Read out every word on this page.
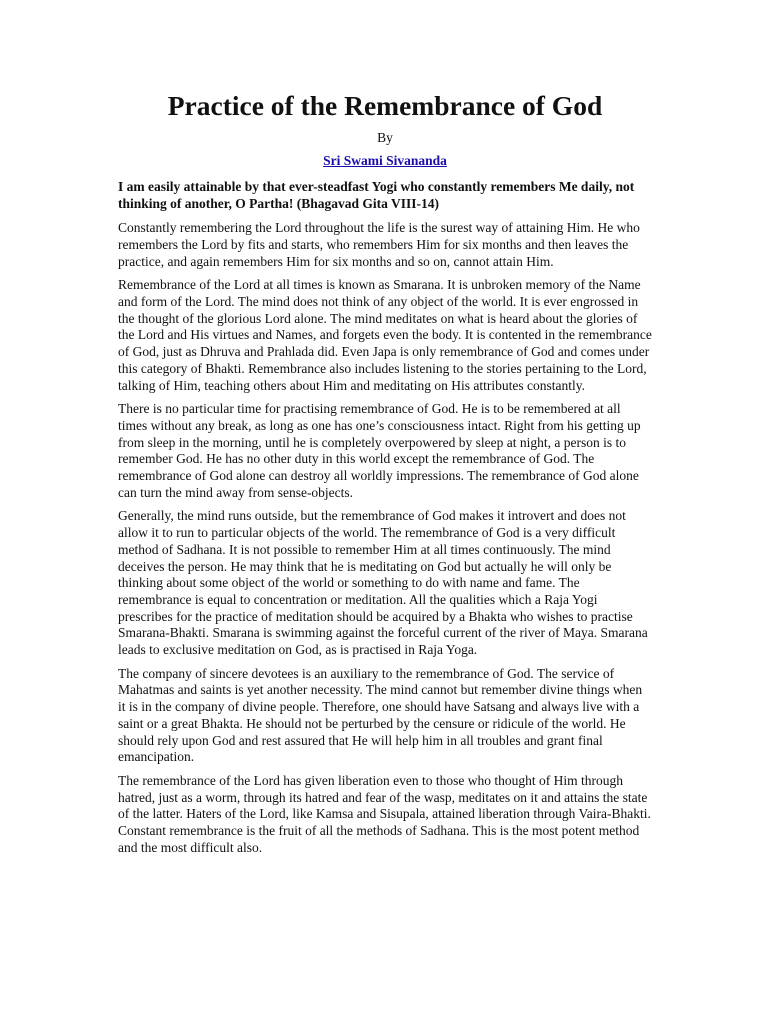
Practice of the Remembrance of God
By
Sri Swami Sivananda
I am easily attainable by that ever-steadfast Yogi who constantly remembers Me daily, not thinking of another, O Partha! (Bhagavad Gita VIII-14)

Constantly remembering the Lord throughout the life is the surest way of attaining Him. He who remembers the Lord by fits and starts, who remembers Him for six months and then leaves the practice, and again remembers Him for six months and so on, cannot attain Him.

Remembrance of the Lord at all times is known as Smarana. It is unbroken memory of the Name and form of the Lord. The mind does not think of any object of the world. It is ever engrossed in the thought of the glorious Lord alone. The mind meditates on what is heard about the glories of the Lord and His virtues and Names, and forgets even the body. It is contented in the remembrance of God, just as Dhruva and Prahlada did. Even Japa is only remembrance of God and comes under this category of Bhakti. Remembrance also includes listening to the stories pertaining to the Lord, talking of Him, teaching others about Him and meditating on His attributes constantly.

There is no particular time for practising remembrance of God. He is to be remembered at all times without any break, as long as one has one’s consciousness intact. Right from his getting up from sleep in the morning, until he is completely overpowered by sleep at night, a person is to remember God. He has no other duty in this world except the remembrance of God. The remembrance of God alone can destroy all worldly impressions. The remembrance of God alone can turn the mind away from sense-objects.

Generally, the mind runs outside, but the remembrance of God makes it introvert and does not allow it to run to particular objects of the world. The remembrance of God is a very difficult method of Sadhana. It is not possible to remember Him at all times continuously. The mind deceives the person. He may think that he is meditating on God but actually he will only be thinking about some object of the world or something to do with name and fame. The remembrance is equal to concentration or meditation. All the qualities which a Raja Yogi prescribes for the practice of meditation should be acquired by a Bhakta who wishes to practise Smarana-Bhakti. Smarana is swimming against the forceful current of the river of Maya. Smarana leads to exclusive meditation on God, as is practised in Raja Yoga.

The company of sincere devotees is an auxiliary to the remembrance of God. The service of Mahatmas and saints is yet another necessity. The mind cannot but remember divine things when it is in the company of divine people. Therefore, one should have Satsang and always live with a saint or a great Bhakta. He should not be perturbed by the censure or ridicule of the world. He should rely upon God and rest assured that He will help him in all troubles and grant final emancipation.

The remembrance of the Lord has given liberation even to those who thought of Him through hatred, just as a worm, through its hatred and fear of the wasp, meditates on it and attains the state of the latter. Haters of the Lord, like Kamsa and Sisupala, attained liberation through Vaira-Bhakti. Constant remembrance is the fruit of all the methods of Sadhana. This is the most potent method and the most difficult also.
